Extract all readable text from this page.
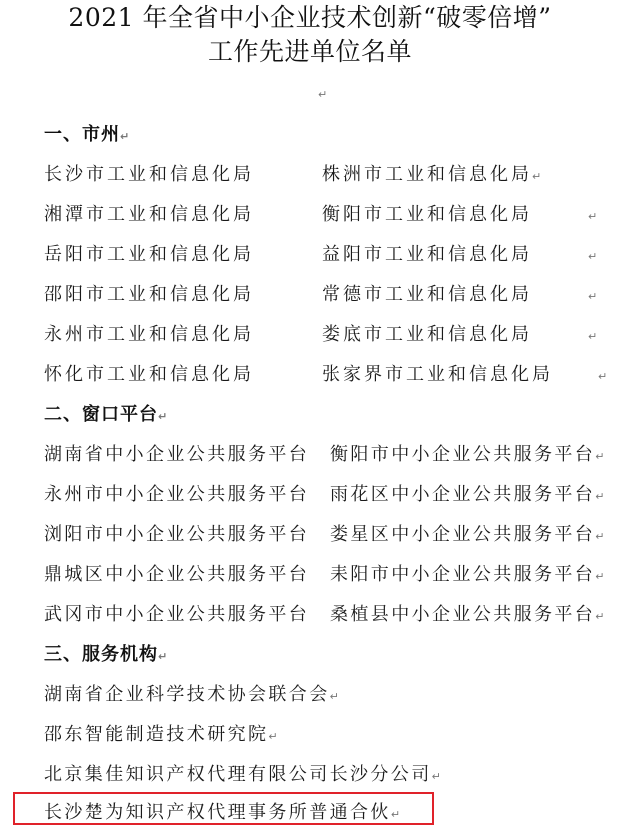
2021 年全省中小企业技术创新“破零倍增”
工作先进单位名单
↵
一、市州↵
长沙市工业和信息化局	株洲市工业和信息化局↵
湘潭市工业和信息化局	衡阳市工业和信息化局	↵
岳阳市工业和信息化局	益阳市工业和信息化局	↵
邵阳市工业和信息化局	常德市工业和信息化局	↵
永州市工业和信息化局	娄底市工业和信息化局	↵
怀化市工业和信息化局	张家界市工业和信息化局	↵
二、窗口平台↵
湖南省中小企业公共服务平台 衡阳市中小企业公共服务平台↵
永州市中小企业公共服务平台 雨花区中小企业公共服务平台↵
浏阳市中小企业公共服务平台 娄星区中小企业公共服务平台↵
鼎城区中小企业公共服务平台 耒阳市中小企业公共服务平台↵
武冈市中小企业公共服务平台 桑植县中小企业公共服务平台↵
三、服务机构↵
湖南省企业科学技术协会联合会↵
邵东智能制造技术研究院↵
北京集佳知识产权代理有限公司长沙分公司↵
长沙楚为知识产权代理事务所普通合伙↵
